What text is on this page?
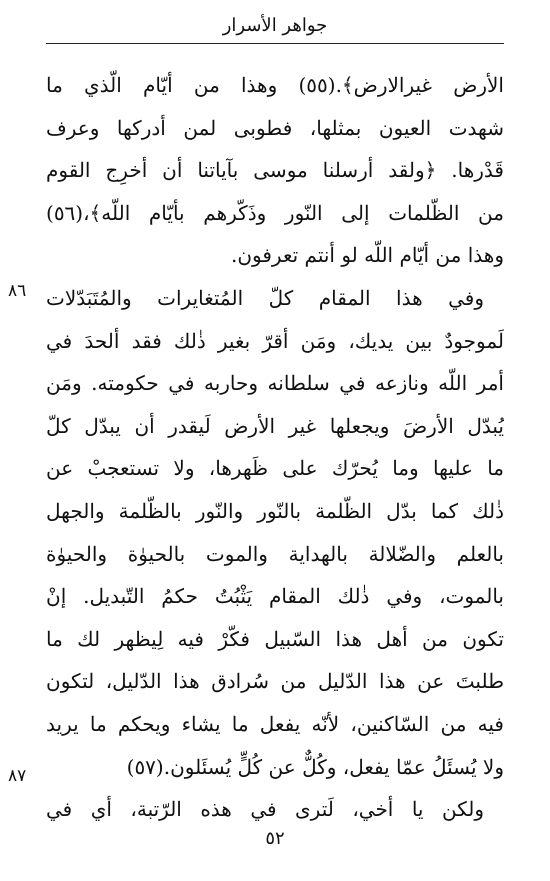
جواهر الأسرار
الأرض غيرالارض﴾.(٥٥) وهذا من أيّام الّذي ما
شهدت العيون بمثلها، فطوبى لمن أدركها وعرف
قَدْرها. ﴿ولقد أرسلنا موسى بآياتنا أن أخرِج القوم
من الظّلمات إلى النّور وذَكّرهم بأيّام اللّه﴾،(٥٦)
وهذا من أيّام اللّه لو أنتم تعرفون.
وفي هذا المقام كلّ المُتغايرات والمُتَبَدّلات
لَموجودٌ بين يديك، ومَن أقرّ بغير ذٰلك فقد ألحدَ في
أمر اللّه ونازعه في سلطانه وحاربه في حكومته. ومَن
يُبدّل الأرضَ ويجعلها غير الأرض لَيقدر أن يبدّل كلّ
ما عليها وما يُحرّك على ظَهرها، ولا تستعجبْ عن
ذٰلك كما بدّل الظّلمة بالنّور والنّور بالظّلمة والجهل
بالعلم والضّلالة بالهداية والموت بالحيوٰة والحيوٰة
بالموت، وفي ذٰلك المقام يَثْبُتُ حكمُ التّبديل. إنْ
تكون من أهل هذا السّبيل فكّرْ فيه لِيظهر لك ما
طلبتَ عن هذا الدّليل من سُرادق هذا الدّليل، لتكون
فيه من السّاكنين، لأنّه يفعل ما يشاء ويحكم ما يريد
ولا يُسئَلُ عمّا يفعل، وكُلٌّ عن كُلٍّ يُسئَلون.(٥٧)
ولكن يا أخي، لَترى في هذه الرّتبة، أي في
٨٦
٨٧
٥٢
